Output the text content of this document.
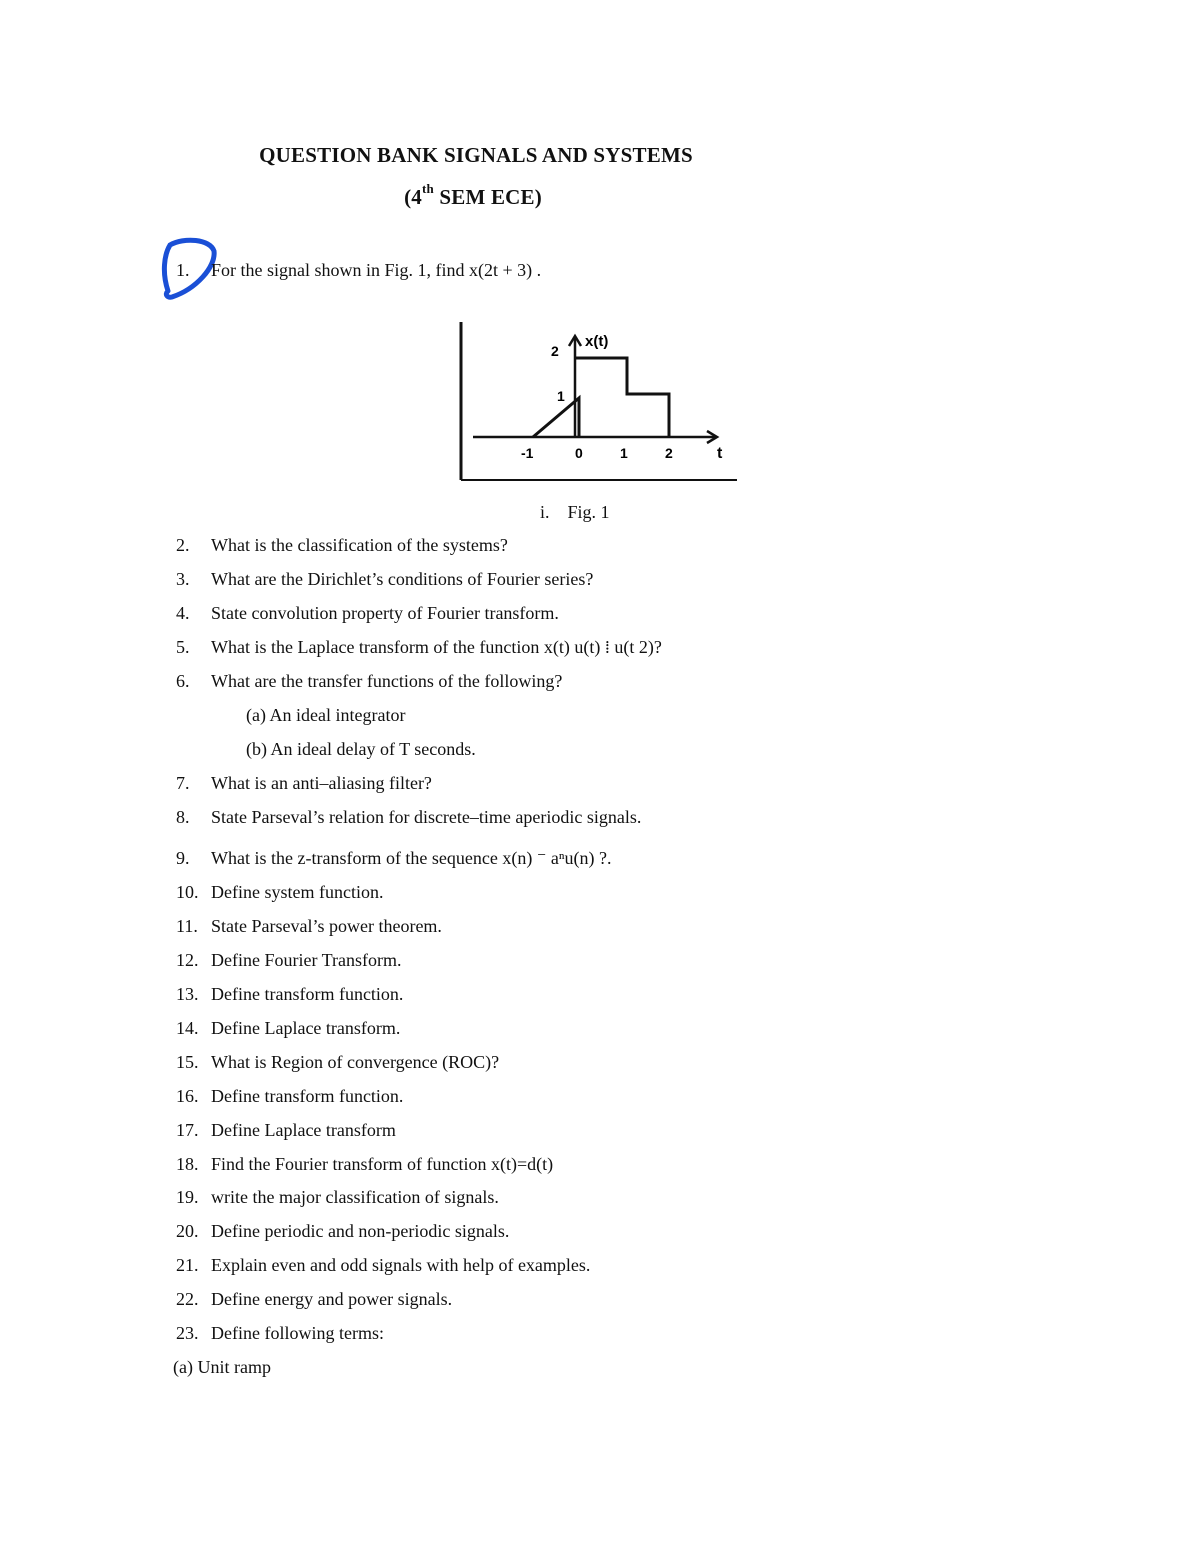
QUESTION BANK SIGNALS AND SYSTEMS
(4th SEM ECE)
1. For the signal shown in Fig. 1, find x(2t + 3) .
x(t)
t
2
1
-1	0	1	2
i. Fig. 1
2. What is the classification of the systems?
3. What are the Dirichlet’s conditions of Fourier series?
4. State convolution property of Fourier transform.
5. What is the Laplace transform of the function x(t) u(t) ⁞ u(t 2)?
6. What are the transfer functions of the following?
(a) An ideal integrator
(b) An ideal delay of T seconds.
7. What is an anti–aliasing filter?
8. State Parseval’s relation for discrete–time aperiodic signals.
9. What is the z-transform of the sequence x(n) ⁻ aⁿu(n) ?.
10. Define system function.
11. State Parseval’s power theorem.
12. Define Fourier Transform.
13. Define transform function.
14. Define Laplace transform.
15. What is Region of convergence (ROC)?
16. Define transform function.
17. Define Laplace transform
18. Find the Fourier transform of function x(t)=d(t)
19. write the major classification of signals.
20. Define periodic and non-periodic signals.
21. Explain even and odd signals with help of examples.
22. Define energy and power signals.
23. Define following terms:
(a) Unit ramp
